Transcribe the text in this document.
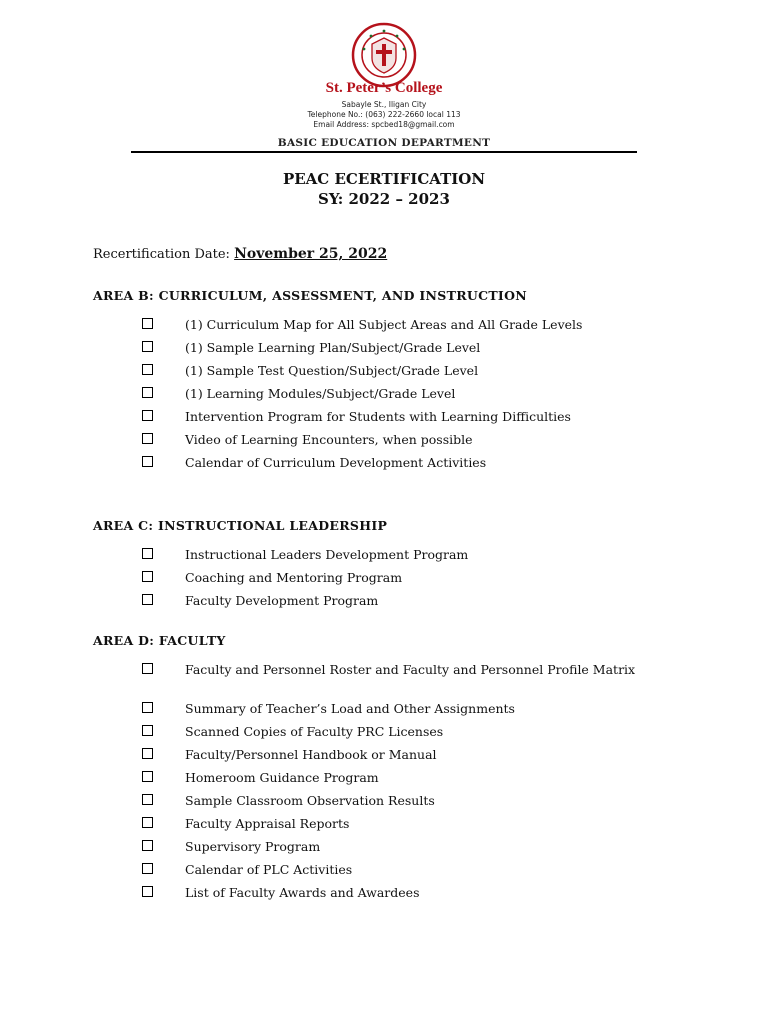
St. Peter’s College
Sabayle St., Iligan City
Telephone No.: (063) 222-2660 local 113
Email Address: spcbed18@gmail.com
BASIC EDUCATION DEPARTMENT
PEAC ECERTIFICATION
SY: 2022 – 2023
Recertification Date: November 25, 2022
AREA B: CURRICULUM, ASSESSMENT, AND INSTRUCTION
(1) Curriculum Map for All Subject Areas and All Grade Levels
(1) Sample Learning Plan/Subject/Grade Level
(1) Sample Test Question/Subject/Grade Level
(1) Learning Modules/Subject/Grade Level
Intervention Program for Students with Learning Difficulties
Video of Learning Encounters, when possible
Calendar of Curriculum Development Activities
AREA C: INSTRUCTIONAL LEADERSHIP
Instructional Leaders Development Program
Coaching and Mentoring Program
Faculty Development Program
AREA D: FACULTY
Faculty and Personnel Roster and Faculty and Personnel Profile Matrix
Summary of Teacher’s Load and Other Assignments
Scanned Copies of Faculty PRC Licenses
Faculty/Personnel Handbook or Manual
Homeroom Guidance Program
Sample Classroom Observation Results
Faculty Appraisal Reports
Supervisory Program
Calendar of PLC Activities
List of Faculty Awards and Awardees
